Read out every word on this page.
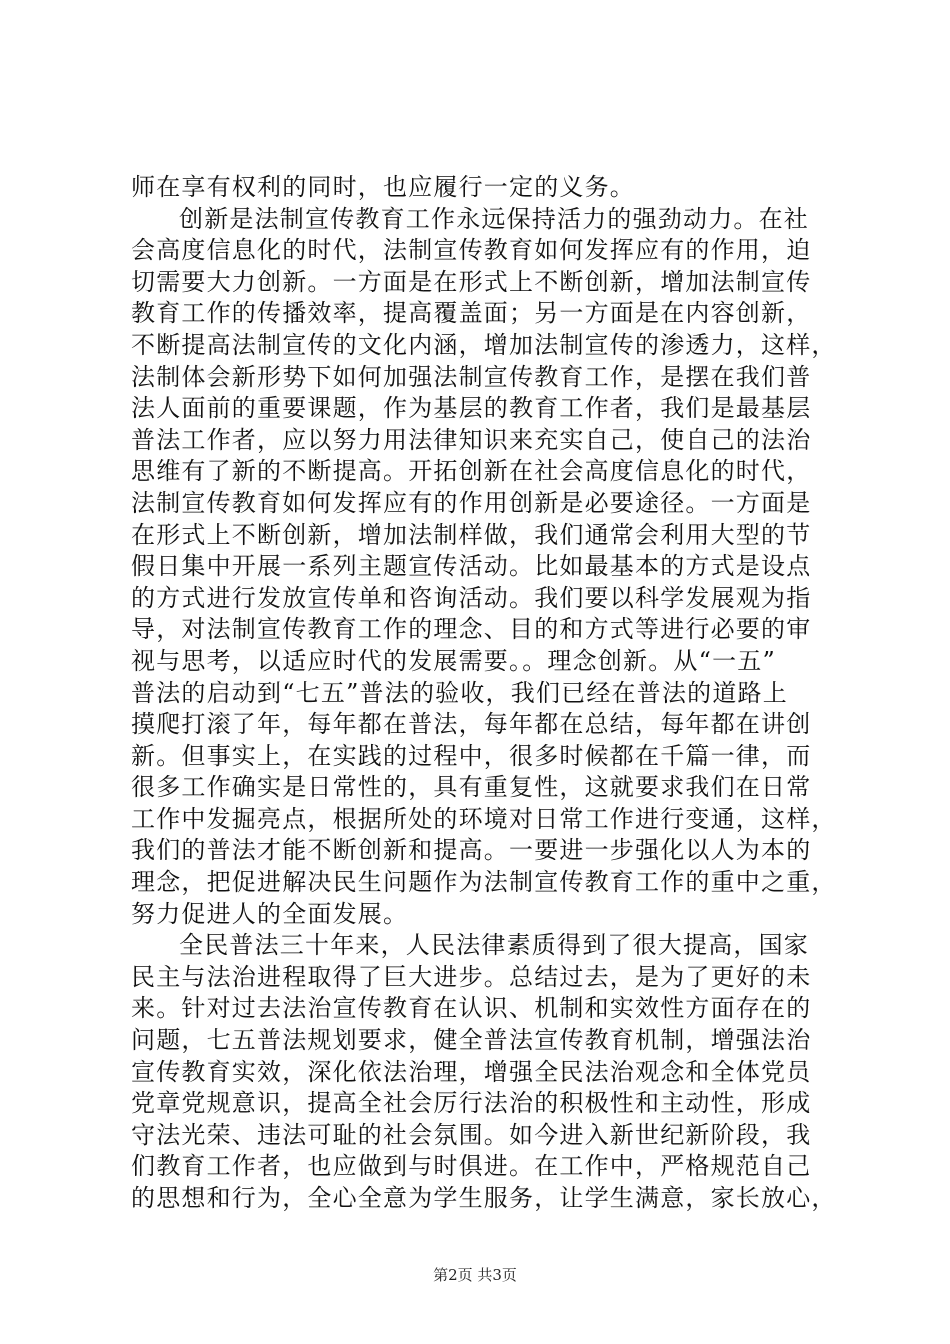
师在享有权利的同时，也应履行一定的义务。
创新是法制宣传教育工作永远保持活力的强劲动力。在社
会高度信息化的时代，法制宣传教育如何发挥应有的作用，迫
切需要大力创新。一方面是在形式上不断创新，增加法制宣传
教育工作的传播效率，提高覆盖面；另一方面是在内容创新，
不断提高法制宣传的文化内涵，增加法制宣传的渗透力，这样，
法制体会新形势下如何加强法制宣传教育工作，是摆在我们普
法人面前的重要课题，作为基层的教育工作者，我们是最基层
普法工作者，应以努力用法律知识来充实自己，使自己的法治
思维有了新的不断提高。开拓创新在社会高度信息化的时代，
法制宣传教育如何发挥应有的作用创新是必要途径。一方面是
在形式上不断创新，增加法制样做，我们通常会利用大型的节
假日集中开展一系列主题宣传活动。比如最基本的方式是设点
的方式进行发放宣传单和咨询活动。我们要以科学发展观为指
导，对法制宣传教育工作的理念、目的和方式等进行必要的审
视与思考，以适应时代的发展需要。。理念创新。从“一五”
普法的启动到“七五”普法的验收，我们已经在普法的道路上
摸爬打滚了年，每年都在普法，每年都在总结，每年都在讲创
新。但事实上，在实践的过程中，很多时候都在千篇一律，而
很多工作确实是日常性的，具有重复性，这就要求我们在日常
工作中发掘亮点，根据所处的环境对日常工作进行变通，这样，
我们的普法才能不断创新和提高。一要进一步强化以人为本的
理念，把促进解决民生问题作为法制宣传教育工作的重中之重，
努力促进人的全面发展。
全民普法三十年来，人民法律素质得到了很大提高，国家
民主与法治进程取得了巨大进步。总结过去，是为了更好的未
来。针对过去法治宣传教育在认识、机制和实效性方面存在的
问题，七五普法规划要求，健全普法宣传教育机制，增强法治
宣传教育实效，深化依法治理，增强全民法治观念和全体党员
党章党规意识，提高全社会厉行法治的积极性和主动性，形成
守法光荣、违法可耻的社会氛围。如今进入新世纪新阶段，我
们教育工作者，也应做到与时俱进。在工作中，严格规范自己
的思想和行为，全心全意为学生服务，让学生满意，家长放心，
第2页 共3页
